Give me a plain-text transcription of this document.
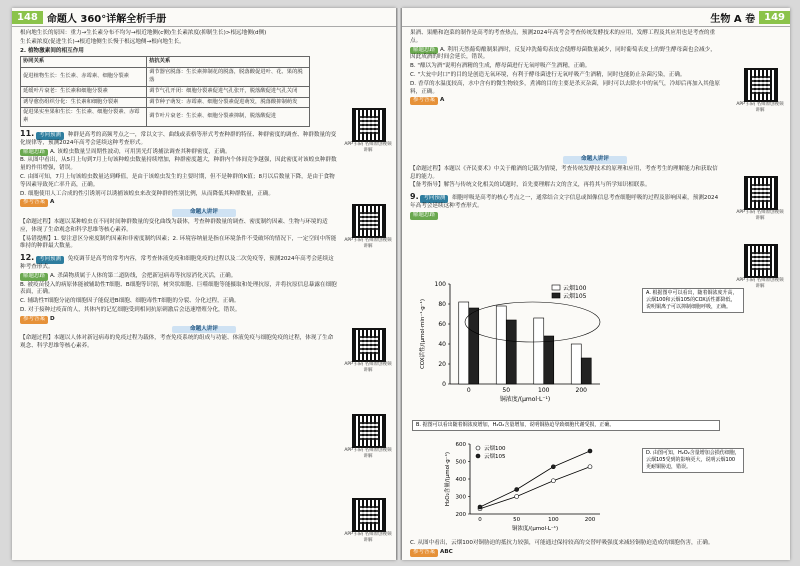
148 命题人 360°详解全析手册
根向地生长的原因：重力→生长素分布不均匀→根近地侧(c侧)生长素浓度(抑制生长)>根远地侧(d侧)
生长素浓度(促进生长)→根近地侧生长慢于根远地侧→根向地生长。
2. 植物激素间的相互作用
协同关系	拮抗关系
促进植物生长：生长素、赤霉素、细胞分裂素	调节器官脱落：生长素抑制花的脱落，脱落酸促进叶、花、果的脱落
延缓叶片衰老：生长素和细胞分裂素	调节气孔开闭：细胞分裂素促进气孔张开，脱落酸促进气孔关闭
诱导愈伤组织分化：生长素和细胞分裂素	调节种子萌发：赤霉素、细胞分裂素促进萌发，脱落酸抑制萌发
促进果实坐果和生长：生长素、细胞分裂素、赤霉素	调节叶片衰老：生长素、细胞分裂素抑制，脱落酸促进
11. 考向预测 种群是高考的高频考点之一，常以文字、曲线或表格等形式考查种群的特征、种群密度的调查、种群数量的变化规律等，预测2024年高考会延续这种考查形式。
解题思路 A. 该蝗虫数量呈周期性波动，可用黑光灯诱捕法调查其种群密度，正确。
B. 从图中看出，从5月上旬到7月上旬该种蝗虫数量持续增加，种群密度越大，种群内个体间竞争越强，因此密度对该蝗虫种群数量的作用增强，错误。
C. 由图可知，7月上旬该蝗虫数量达到峰值，是由于该蝗虫发生的主要时期，但不是种群的K值；8月以后数量下降，是由于食物等因素导致死亡率升高，正确。
D. 细胞使用人工合成的性引诱剂可以诱捕该蝗虫来改变种群的性别比例，从而降低其种群数量，正确。
参考答案 A
命题人讲评
【命题过程】本题以某种蝗虫在不同时间种群数量的变化曲线为载体，考查种群数量的调查、密度制约因素、生物与环境的适应，体现了生命观念和科学思维等核心素养。
【易错提醒】1. 要注意区分密度制约因素和非密度制约因素；2. 环境容纳量是指在环境条件不受破坏的情况下，一定空间中所能维持的种群最大数量。
12. 考向预测 免疫调节是高考的常考内容，常考查体液免疫和细胞免疫的过程以及二次免疫等，预测2024年高考会延续这种考查形式。
解题思路 A. 杀菌物质属于人体的第二道防线，会把新冠病毒等抗原消化灭活，正确。
B. 被疫苗侵入的病原体能被辅助性T细胞、B细胞等识别，树突状细胞、巨噬细胞等能摄取和处理抗原，并将抗原信息暴露在细胞表面，正确。
C. 辅助性T细胞分泌的细胞因子能促进B细胞、细胞毒性T细胞的分裂、分化过程，正确。
D. 对于接种过疫苗的人，其体内的记忆细胞受到相同抗原刺激后会迅速增殖分化，错误。
参考答案 D
命题人讲评
【命题过程】本题以人体对新冠病毒的免疫过程为载体，考查免疫系统的组成与功能、体液免疫与细胞免疫的过程，体现了生命观念、科学思维等核心素养。
APP 扫码 名师原创视频讲解
APP 扫码 名师原创视频讲解
APP 扫码 名师原创视频讲解
APP 扫码 名师原创视频讲解
APP 扫码 名师原创视频讲解
生物 A 卷 149
果酒、果醋和泡菜的制作是高考的考查热点，预测2024年高考会考查传统发酵技术的应用，发酵工程及其应用也是考查的重点。
解题思路 A. 利用天然葡萄酿制果酒时，反复冲洗葡萄表皮会使酵母菌数量减少，同时葡萄表皮上的野生酵母菌也会减少，因此成酒的时间会延长，错误。
B. "酿以为酒"说明有酒精的生成，酵母菌进行无氧呼吸产生酒精，正确。
C. "大瓮中封口"的目的是创造无氧环境，有利于酵母菌进行无氧呼吸产生酒精，同时也能防止杂菌污染，正确。
D. 香草的水温度较高，水中含有的微生物较多，煮沸的目的主要是杀灭杂菌，同时可以去除水中的氧气，冷却后再加入其他原料，正确。
参考答案 A
命题人讲评
【命题过程】本题以《齐民要术》中关于酿酒的记载为情境，考查传统发酵技术的原理和应用，考查考生的理解能力和获取信息的能力。
【备考指导】解答与传统文化相关的试题时，首先要理解古文的含义，再将其与所学知识相联系。
9. 考向预测 细胞呼吸是高考的核心考点之一，通常结合文字信息或图像信息考查细胞呼吸的过程及影响因素，预测2024年高考会延续这种考查形式。
解题思路
0
20
40
60
80
100
0	50	100	200
铜浓度/(μmol·L⁻¹)
COX活性/(μmol·min⁻¹·g⁻¹)
云烟100
云烟105	A. 根据图中可以看出，随着铜浓度升高，云烟100和云烟105的COX活性都降低，说明铜离子可以抑制细胞呼吸，正确。
B. 据图可以看出随着铜浓度增加，H₂O₂含量增加，说明铜胁迫导致细胞代谢受损，正确。
200
300
400
500
600
0	50	100	200
云烟100
云烟105
铜浓度/(μmol·L⁻¹)
H₂O₂含量/(μmol·g⁻¹)	D. 由图可知，H₂O₂含量增加会损伤细胞，云烟105受到的影响更大，说明云烟100更耐铜胁迫，错误。
C. 从图中看出，云烟100对铜胁迫的抵抗力较强，可能通过保持较高的交替呼吸强度来减轻铜胁迫造成的细胞伤害，正确。
参考答案 ABC
APP 扫码 名师原创视频讲解
APP 扫码 名师原创视频讲解
APP 扫码 名师原创视频讲解
